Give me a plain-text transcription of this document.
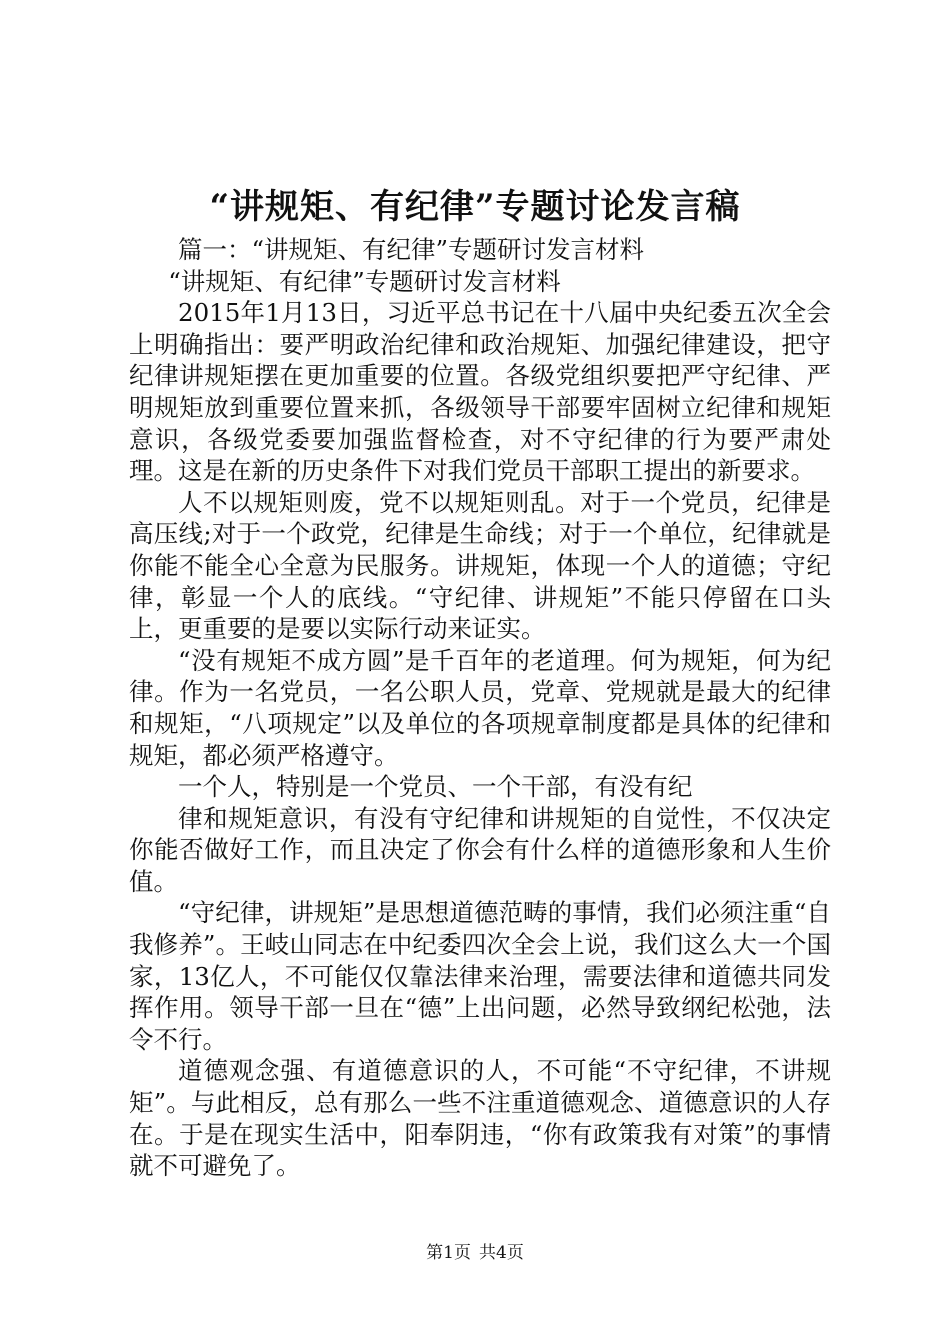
“讲规矩、有纪律”专题讨论发言稿

篇一：“讲规矩、有纪律”专题研讨发言材料

“讲规矩、有纪律”专题研讨发言材料

2015年1月13日，习近平总书记在十八届中央纪委五次全会上明确指出：要严明政治纪律和政治规矩、加强纪律建设，把守纪律讲规矩摆在更加重要的位置。各级党组织要把严守纪律、严明规矩放到重要位置来抓，各级领导干部要牢固树立纪律和规矩意识，各级党委要加强监督检查，对不守纪律的行为要严肃处理。这是在新的历史条件下对我们党员干部职工提出的新要求。

人不以规矩则废，党不以规矩则乱。对于一个党员，纪律是高压线;对于一个政党，纪律是生命线；对于一个单位，纪律就是你能不能全心全意为民服务。讲规矩，体现一个人的道德；守纪律，彰显一个人的底线。“守纪律、讲规矩”不能只停留在口头上，更重要的是要以实际行动来证实。

“没有规矩不成方圆”是千百年的老道理。何为规矩，何为纪律。作为一名党员，一名公职人员，党章、党规就是最大的纪律和规矩，“八项规定”以及单位的各项规章制度都是具体的纪律和规矩，都必须严格遵守。

一个人，特别是一个党员、一个干部，有没有纪

律和规矩意识，有没有守纪律和讲规矩的自觉性，不仅决定你能否做好工作，而且决定了你会有什么样的道德形象和人生价值。

“守纪律，讲规矩”是思想道德范畴的事情，我们必须注重“自我修养”。王岐山同志在中纪委四次全会上说，我们这么大一个国家，13亿人，不可能仅仅靠法律来治理，需要法律和道德共同发挥作用。领导干部一旦在“德”上出问题，必然导致纲纪松弛，法令不行。

道德观念强、有道德意识的人，不可能“不守纪律，不讲规矩”。与此相反，总有那么一些不注重道德观念、道德意识的人存在。于是在现实生活中，阳奉阴违，“你有政策我有对策”的事情就不可避免了。

第1页 共4页
